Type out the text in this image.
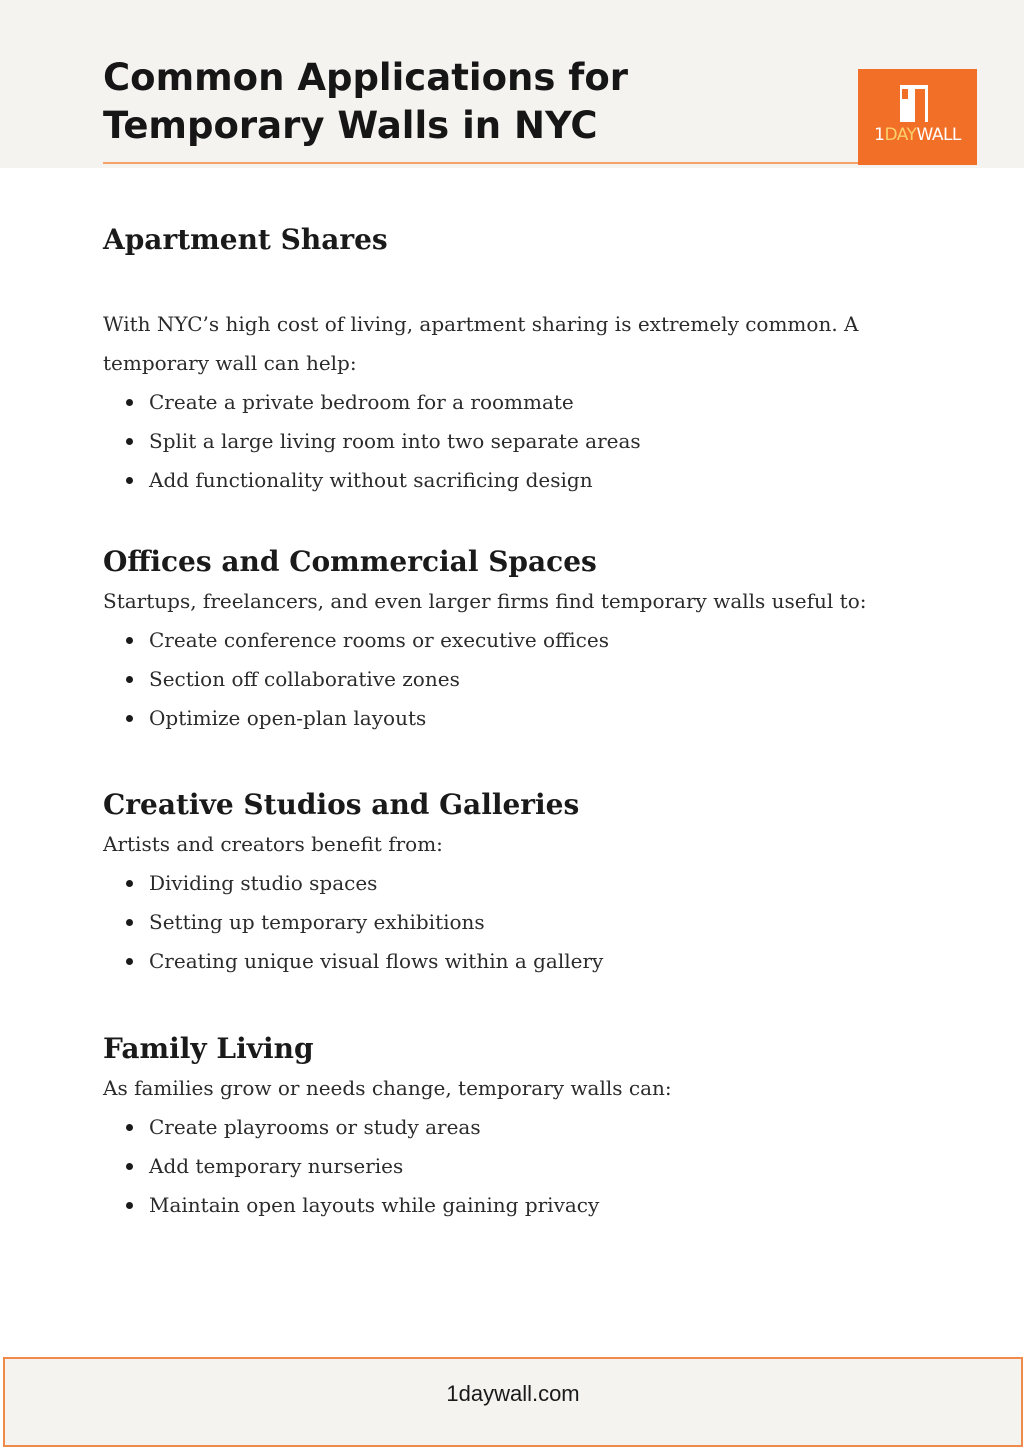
Common Applications for
Temporary Walls in NYC	1DAYWALL
Apartment Shares

With NYC’s high cost of living, apartment sharing is extremely common. A
temporary wall can help:

Create a private bedroom for a roommate
Split a large living room into two separate areas
Add functionality without sacrificing design
Offices and Commercial Spaces

Startups, freelancers, and even larger firms find temporary walls useful to:

Create conference rooms or executive offices
Section off collaborative zones
Optimize open-plan layouts
Creative Studios and Galleries

Artists and creators benefit from:

Dividing studio spaces
Setting up temporary exhibitions
Creating unique visual flows within a gallery
Family Living

As families grow or needs change, temporary walls can:

Create playrooms or study areas
Add temporary nurseries
Maintain open layouts while gaining privacy
1daywall.com
